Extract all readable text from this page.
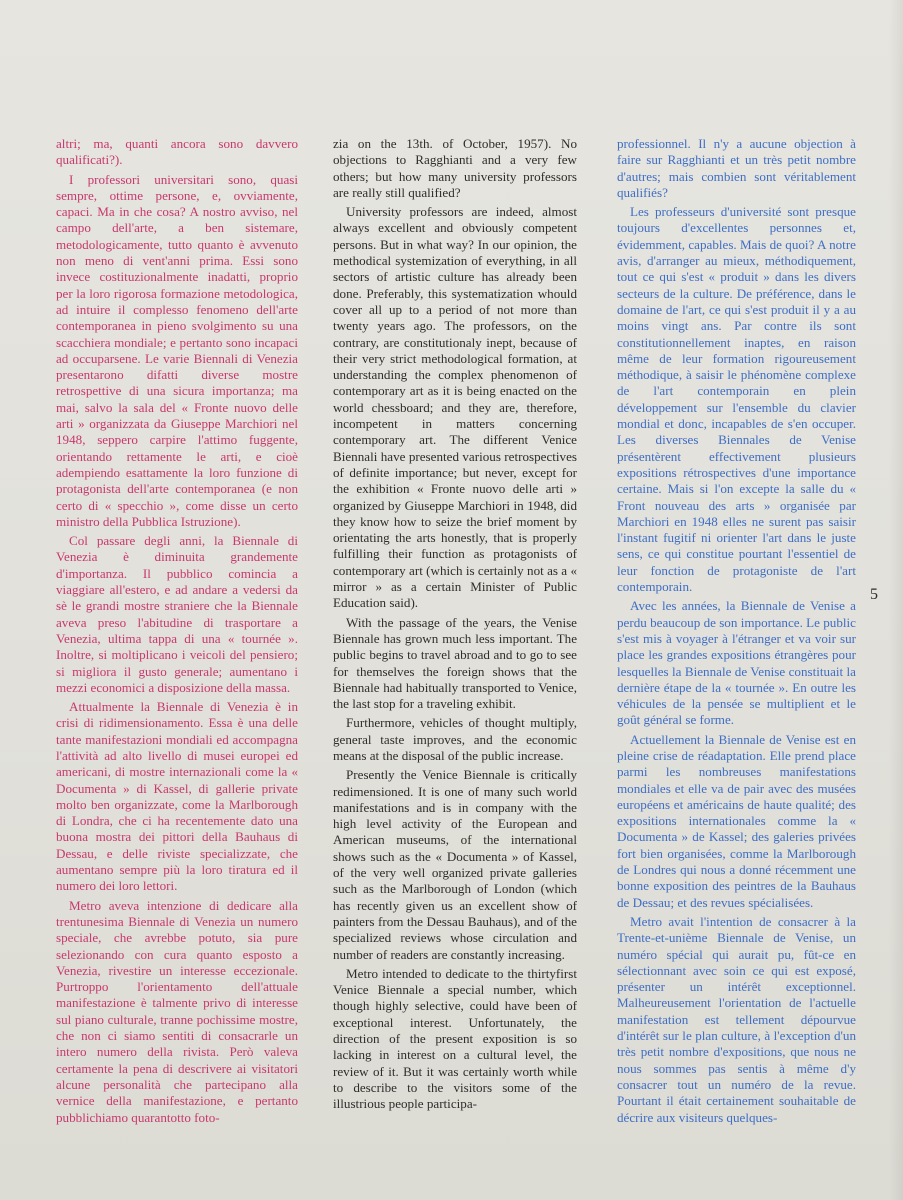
altri; ma, quanti ancora sono davvero qualificati?).

I professori universitari sono, quasi sempre, ottime persone, e, ovviamente, capaci. Ma in che cosa? A nostro avviso, nel campo dell'arte, a ben sistemare, metodologicamente, tutto quanto è avvenuto non meno di vent'anni prima. Essi sono invece costituzionalmente inadatti, proprio per la loro rigorosa formazione metodologica, ad intuire il complesso fenomeno dell'arte contemporanea in pieno svolgimento su una scacchiera mondiale; e pertanto sono incapaci ad occuparsene. Le varie Biennali di Venezia presentarono difatti diverse mostre retrospettive di una sicura importanza; ma mai, salvo la sala del « Fronte nuovo delle arti » organizzata da Giuseppe Marchiori nel 1948, seppero carpire l'attimo fuggente, orientando rettamente le arti, e cioè adempiendo esattamente la loro funzione di protagonista dell'arte contemporanea (e non certo di « specchio », come disse un certo ministro della Pubblica Istruzione).

Col passare degli anni, la Biennale di Venezia è diminuita grandemente d'importanza. Il pubblico comincia a viaggiare all'estero, e ad andare a vedersi da sè le grandi mostre straniere che la Biennale aveva preso l'abitudine di trasportare a Venezia, ultima tappa di una « tournée ». Inoltre, si moltiplicano i veicoli del pensiero; si migliora il gusto generale; aumentano i mezzi economici a disposizione della massa.

Attualmente la Biennale di Venezia è in crisi di ridimensionamento. Essa è una delle tante manifestazioni mondiali ed accompagna l'attività ad alto livello di musei europei ed americani, di mostre internazionali come la « Documenta » di Kassel, di gallerie private molto ben organizzate, come la Marlborough di Londra, che ci ha recentemente dato una buona mostra dei pittori della Bauhaus di Dessau, e delle riviste specializzate, che aumentano sempre più la loro tiratura ed il numero dei loro lettori.

Metro aveva intenzione di dedicare alla trentunesima Biennale di Venezia un numero speciale, che avrebbe potuto, sia pure selezionando con cura quanto esposto a Venezia, rivestire un interesse eccezionale. Purtroppo l'orientamento dell'attuale manifestazione è talmente privo di interesse sul piano culturale, tranne pochissime mostre, che non ci siamo sentiti di consacrarle un intero numero della rivista. Però valeva certamente la pena di descrivere ai visitatori alcune personalità che partecipano alla vernice della manifestazione, e pertanto pubblichiamo quarantotto foto-

zia on the 13th. of October, 1957). No objections to Ragghianti and a very few others; but how many university professors are really still qualified?

University professors are indeed, almost always excellent and obviously competent persons. But in what way? In our opinion, the methodical systemization of everything, in all sectors of artistic culture has already been done. Preferably, this systematization whould cover all up to a period of not more than twenty years ago. The professors, on the contrary, are constitutionaly inept, because of their very strict methodological formation, at understanding the complex phenomenon of contemporary art as it is being enacted on the world chessboard; and they are, therefore, incompetent in matters concerning contemporary art. The different Venice Biennali have presented various retrospectives of definite importance; but never, except for the exhibition « Fronte nuovo delle arti » organized by Giuseppe Marchiori in 1948, did they know how to seize the brief moment by orientating the arts honestly, that is properly fulfilling their function as protagonists of contemporary art (which is certainly not as a « mirror » as a certain Minister of Public Education said).

With the passage of the years, the Venise Biennale has grown much less important. The public begins to travel abroad and to go to see for themselves the foreign shows that the Biennale had habitually transported to Venice, the last stop for a traveling exhibit.

Furthermore, vehicles of thought multiply, general taste improves, and the economic means at the disposal of the public increase.

Presently the Venice Biennale is critically redimensioned. It is one of many such world manifestations and is in company with the high level activity of the European and American museums, of the international shows such as the « Documenta » of Kassel, of the very well organized private galleries such as the Marlborough of London (which has recently given us an excellent show of painters from the Dessau Bauhaus), and of the specialized reviews whose circulation and number of readers are constantly increasing.

Metro intended to dedicate to the thirtyfirst Venice Biennale a special number, which though highly selective, could have been of exceptional interest. Unfortunately, the direction of the present exposition is so lacking in interest on a cultural level, the review of it. But it was certainly worth while to describe to the visitors some of the illustrious people participa-

professionnel. Il n'y a aucune objection à faire sur Ragghianti et un très petit nombre d'autres; mais combien sont véritablement qualifiés?

Les professeurs d'université sont presque toujours d'excellentes personnes et, évidemment, capables. Mais de quoi? A notre avis, d'arranger au mieux, méthodiquement, tout ce qui s'est « produit » dans les divers secteurs de la culture. De préférence, dans le domaine de l'art, ce qui s'est produit il y a au moins vingt ans. Par contre ils sont constitutionnellement inaptes, en raison même de leur formation rigoureusement méthodique, à saisir le phénomène complexe de l'art contemporain en plein développement sur l'ensemble du clavier mondial et donc, incapables de s'en occuper. Les diverses Biennales de Venise présentèrent effectivement plusieurs expositions rétrospectives d'une importance certaine. Mais si l'on excepte la salle du « Front nouveau des arts » organisée par Marchiori en 1948 elles ne surent pas saisir l'instant fugitif ni orienter l'art dans le juste sens, ce qui constitue pourtant l'essentiel de leur fonction de protagoniste de l'art contemporain.

Avec les années, la Biennale de Venise a perdu beaucoup de son importance. Le public s'est mis à voyager à l'étranger et va voir sur place les grandes expositions étrangères pour lesquelles la Biennale de Venise constituait la dernière étape de la « tournée ». En outre les véhicules de la pensée se multiplient et le goût général se forme.

Actuellement la Biennale de Venise est en pleine crise de réadaptation. Elle prend place parmi les nombreuses manifestations mondiales et elle va de pair avec des musées européens et américains de haute qualité; des expositions internationales comme la « Documenta » de Kassel; des galeries privées fort bien organisées, comme la Marlborough de Londres qui nous a donné récemment une bonne exposition des peintres de la Bauhaus de Dessau; et des revues spécialisées.

Metro avait l'intention de consacrer à la Trente-et-unième Biennale de Venise, un numéro spécial qui aurait pu, fût-ce en sélectionnant avec soin ce qui est exposé, présenter un intérêt exceptionnel. Malheureusement l'orientation de l'actuelle manifestation est tellement dépourvue d'intérêt sur le plan culture, à l'exception d'un très petit nombre d'expositions, que nous ne nous sommes pas sentis à même d'y consacrer tout un numéro de la revue. Pourtant il était certainement souhaitable de décrire aux visiteurs quelques-

5
